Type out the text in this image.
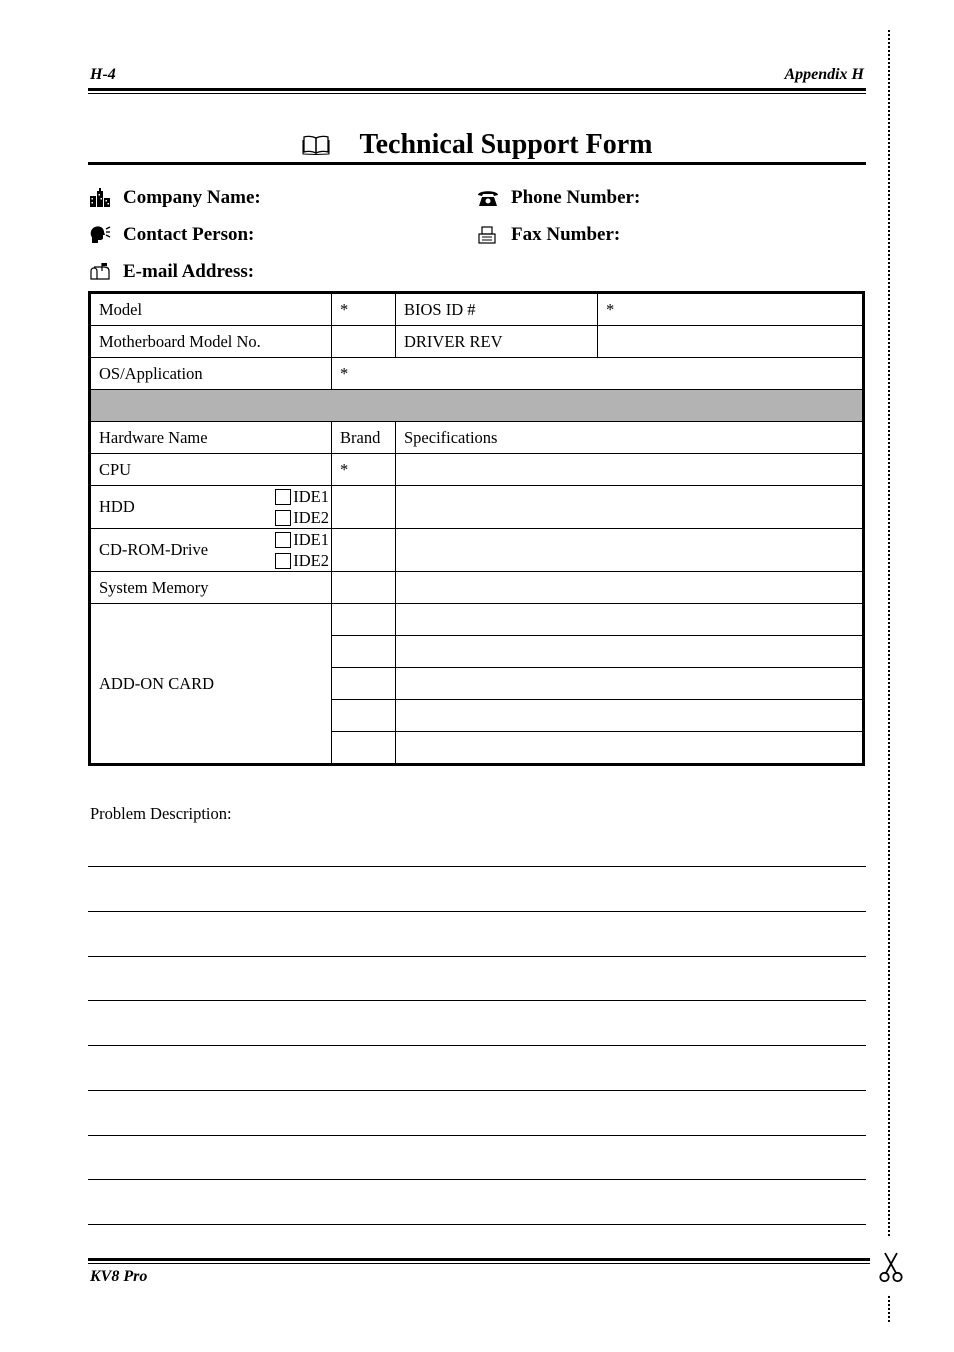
H-4	Appendix H
Technical Support Form
Company Name:	Phone Number:
Contact Person:	Fax Number:
E-mail Address:
Model	*	BIOS ID #	*
Motherboard Model No.		DRIVER REV	
OS/Application	*		

Hardware Name	Brand	Specifications	
CPU	*		

HDD
IDE1
IDE2			

CD-ROM-Drive
IDE1
IDE2			

System Memory			
ADD-ON CARD			

Problem Description:
KV8 Pro
